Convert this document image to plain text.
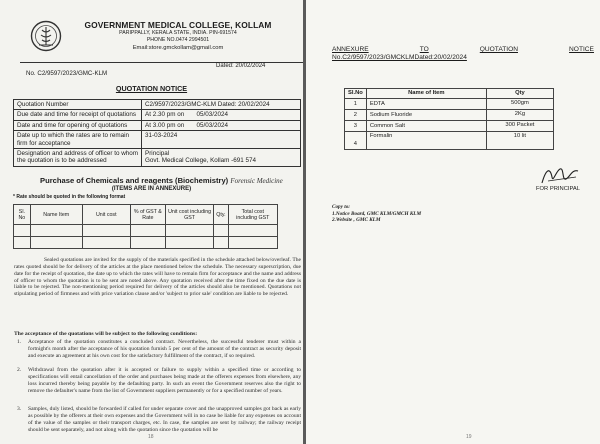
GOVERNMENT MEDICAL COLLEGE, KOLLAM
PARIPPALLY, KERALA STATE, INDIA. PIN-691574
PHONE NO.0474 2994501
Email:store.gmckollam@gmail.com
Dated: 20/02/2024
No. C2/9597/2023/GMC-KLM
QUOTATION NOTICE
Quotation Number	C2/9597/2023/GMC-KLM Dated: 20/02/2024
Due date and time for receipt of quotations	At 2.30 pm on       05/03/2024
Date and time for opening of quotations	At 3.00 pm on       05/03/2024
Date up to which the rates are to remain firm for acceptance	31-03-2024
Designation and address of officer to whom the quotation is to be addressed	Principal
Govt. Medical College, Kollam -691 574
Purchase of Chemicals and reagents (Biochemistry) Forensic Medicine
(ITEMS ARE IN ANNEXURE)
* Rate should be quoted in the following format
Sl. No	Name Item	Unit cost	% of GST & Rate	Unit cost including GST	Qty.	Total cost including GST

Sealed quotations are invited for the supply of the materials specified in the schedule attached below/overleaf. The rates quoted should be for delivery of the articles at the place mentioned below the schedule. The necessary superscription, due date for the receipt of quotation, the date up to which the rates will have to remain firm for acceptance and the name and address of officer to whom the quotation is to be sent are noted above. Any quotation received after the time fixed on the due date is liable to be rejected. The non-mentioning period required for delivery of the articles should also be mentioned. Quotations not stipulating period of firmness and with price variation clause and/or 'subject to prior sale' condition are liable to be rejected.
The acceptance of the quotations will be subject to the following conditions:
1. Acceptance of the quotation constitutes a concluded contract. Nevertheless, the successful tenderer must within a fortnight's month after the acceptance of his quotation furnish 5 per cent of the amount of the contract as security deposit and execute an agreement at his own cost for the satisfactory fulfillment of the contract, if so required.
2. Withdrawal from the quotation after it is accepted or failure to supply within a specified time or according to specifications will entail cancellation of the order and purchases being made at the offerers expenses from elsewhere, any loss incurred thereby being payable by the defaulting party. In such an event the Government reserves also the right to remove the defaulter's name from the list of Government suppliers permanently or for a specified number of years.
3. Samples, duly listed, should be forwarded if called for under separate cover and the unapproved samples got back as early as possible by the offerers at their own expenses and the Government will in no case be liable for any expenses on account of the value of the samples or their transport charges, etc. In case, the samples are sent by railway; the railway receipt should be sent separately, and not along with the quotation since the quotation will be
18
ANNEXURE	TO	QUOTATION	NOTICE
No.C2/9597/2023/GMCKLMDated:20/02/2024
Sl.No	Name of Item	Qty
1	EDTA	500gm
2	Sodium Fluoride	2Kg
3	Common Salt	300 Packet
4	Formalin	10 lit
FOR PRINCIPAL
Copy to:
1.Notice Board, GMC KLM/GMCH KLM
2.Website , GMC KLM
19
